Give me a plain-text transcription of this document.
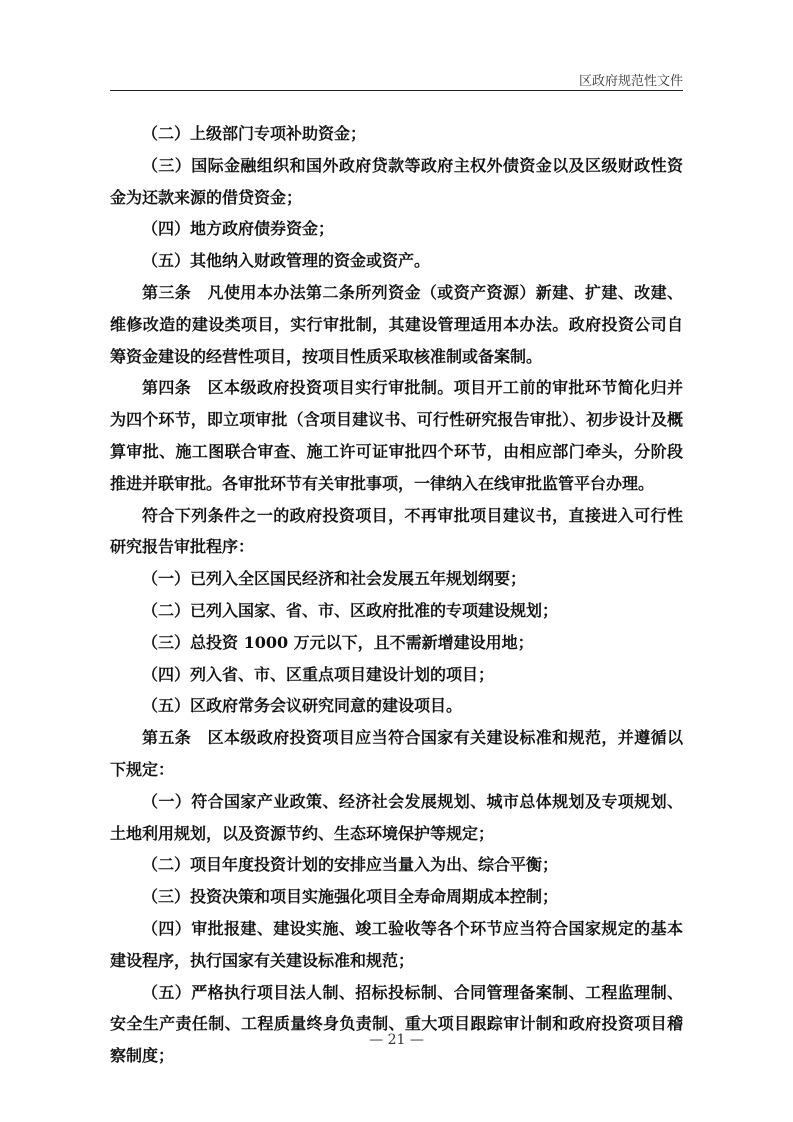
区政府规范性文件

（二）上级部门专项补助资金；

（三）国际金融组织和国外政府贷款等政府主权外债资金以及区级财政性资金为还款来源的借贷资金；

（四）地方政府债券资金；

（五）其他纳入财政管理的资金或资产。

第三条　凡使用本办法第二条所列资金（或资产资源）新建、扩建、改建、维修改造的建设类项目，实行审批制，其建设管理适用本办法。政府投资公司自筹资金建设的经营性项目，按项目性质采取核准制或备案制。

第四条　区本级政府投资项目实行审批制。项目开工前的审批环节简化归并为四个环节，即立项审批（含项目建议书、可行性研究报告审批）、初步设计及概算审批、施工图联合审查、施工许可证审批四个环节，由相应部门牵头，分阶段推进并联审批。各审批环节有关审批事项，一律纳入在线审批监管平台办理。

符合下列条件之一的政府投资项目，不再审批项目建议书，直接进入可行性研究报告审批程序：

（一）已列入全区国民经济和社会发展五年规划纲要；

（二）已列入国家、省、市、区政府批准的专项建设规划；

（三）总投资 1000 万元以下，且不需新增建设用地；

（四）列入省、市、区重点项目建设计划的项目；

（五）区政府常务会议研究同意的建设项目。

第五条　区本级政府投资项目应当符合国家有关建设标准和规范，并遵循以下规定：

（一）符合国家产业政策、经济社会发展规划、城市总体规划及专项规划、土地利用规划，以及资源节约、生态环境保护等规定；

（二）项目年度投资计划的安排应当量入为出、综合平衡；

（三）投资决策和项目实施强化项目全寿命周期成本控制；

（四）审批报建、建设实施、竣工验收等各个环节应当符合国家规定的基本建设程序，执行国家有关建设标准和规范；

（五）严格执行项目法人制、招标投标制、合同管理备案制、工程监理制、安全生产责任制、工程质量终身负责制、重大项目跟踪审计制和政府投资项目稽察制度；

— 21 —
